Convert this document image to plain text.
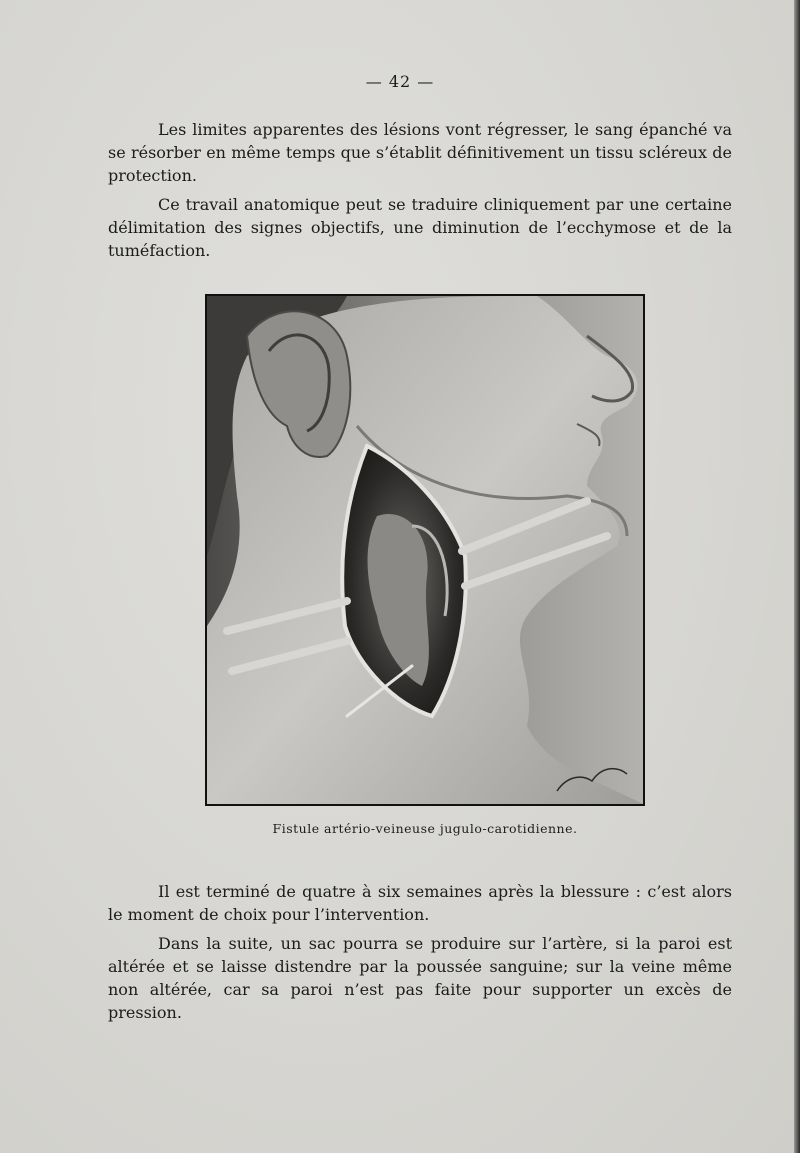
— 42 —

Les limites apparentes des lésions vont régresser, le sang épanché va se résorber en même temps que s’établit définitivement un tissu scléreux de protection.

Ce travail anatomique peut se traduire cliniquement par une certaine délimitation des signes objectifs, une diminution de l’ecchymose et de la tuméfaction.

Fistule artério-veineuse jugulo-carotidienne.

Il est terminé de quatre à six semaines après la blessure : c’est alors le moment de choix pour l’intervention.

Dans la suite, un sac pourra se produire sur l’artère, si la paroi est altérée et se laisse distendre par la poussée sanguine; sur la veine même non altérée, car sa paroi n’est pas faite pour supporter un excès de pression.
